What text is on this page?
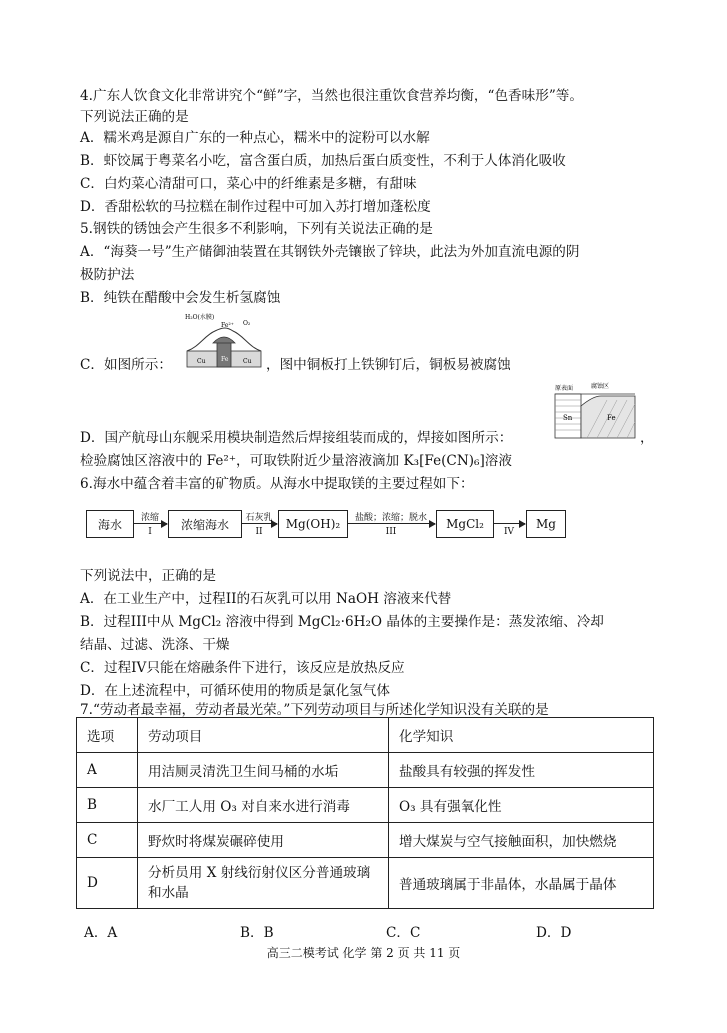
4.广东人饮食文化非常讲究个“鲜”字，当然也很注重饮食营养均衡，“色香味形”等。
下列说法正确的是
A．糯米鸡是源自广东的一种点心，糯米中的淀粉可以水解
B．虾饺属于粤菜名小吃，富含蛋白质，加热后蛋白质变性，不利于人体消化吸收
C．白灼菜心清甜可口，菜心中的纤维素是多糖，有甜味
D．香甜松软的马拉糕在制作过程中可加入苏打增加蓬松度
5.钢铁的锈蚀会产生很多不利影响，下列有关说法正确的是
A．“海葵一号”生产储御油装置在其钢铁外壳镶嵌了锌块，此法为外加直流电源的阴
极防护法
B．纯铁在醋酸中会发生析氢腐蚀
C．如图所示：
H₂O(水膜)
Fe²⁺ O₂
Cu	Fe Cu ，图中铜板打上铁铆钉后，铜板易被腐蚀
原表面	腐蚀区
Sn	Fe
D．国产航母山东舰采用模块制造然后焊接组装而成的，焊接如图所示：	，
检验腐蚀区溶液中的 Fe²⁺，可取铁附近少量溶液滴加 K₃[Fe(CN)₆]溶液
6.海水中蕴含着丰富的矿物质。从海水中提取镁的主要过程如下：
海水	浓缩
I
浓缩海水	石灰乳
II
Mg(OH)₂	盐酸；浓缩；脱水
III
MgCl₂
IV
Mg
下列说法中，正确的是
A．在工业生产中，过程II的石灰乳可以用 NaOH 溶液来代替
B．过程III中从 MgCl₂ 溶液中得到 MgCl₂·6H₂O 晶体的主要操作是：蒸发浓缩、冷却
结晶、过滤、洗涤、干燥
C．过程IV只能在熔融条件下进行，该反应是放热反应
D．在上述流程中，可循环使用的物质是氯化氢气体
7.“劳动者最幸福，劳动者最光荣。”下列劳动项目与所述化学知识没有关联的是
选项	劳动项目	化学知识
A	用洁厕灵清洗卫生间马桶的水垢	盐酸具有较强的挥发性
B	水厂工人用 O₃ 对自来水进行消毒	O₃ 具有强氧化性
C	野炊时将煤炭碾碎使用	增大煤炭与空气接触面积，加快燃烧
D	分析员用 X 射线衍射仪区分普通玻璃和水晶	普通玻璃属于非晶体，水晶属于晶体
A．A	B．B	C．C	D．D
高三二模考试 化学 第 2 页 共 11 页
